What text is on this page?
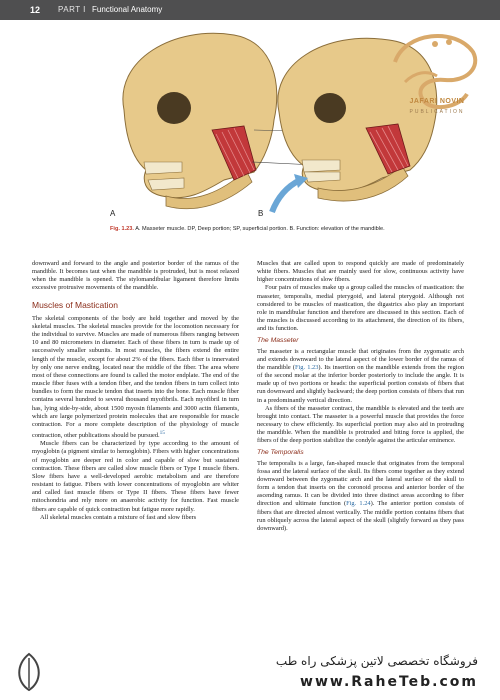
12 PART I Functional Anatomy
A	B
JAFARI NOVIN
PUBLICATION
Fig. 1.23. A. Masseter muscle. DP, Deep portion; SP, superficial portion. B. Function: elevation of the mandible.

downward and forward to the angle and posterior border of the ramus of the mandible. It becomes taut when the mandible is protruded, but is most relaxed when the mandible is opened. The stylomandibular ligament therefore limits excessive protrusive movements of the mandible.

Muscles of Mastication

The skeletal components of the body are held together and moved by the skeletal muscles. The skeletal muscles provide for the locomotion necessary for the individual to survive. Muscles are made of numerous fibers ranging between 10 and 80 micrometers in diameter. Each of these fibers in turn is made up of successively smaller subunits. In most muscles, the fibers extend the entire length of the muscle, except for about 2% of the fibers. Each fiber is innervated by only one nerve ending, located near the middle of the fiber. The area where most of these connections are found is called the motor endplate. The end of the muscle fiber fuses with a tendon fiber, and the tendon fibers in turn collect into bundles to form the muscle tendon that inserts into the bone. Each muscle fiber contains several hundred to several thousand myofibrils. Each myofibril in turn has, lying side-by-side, about 1500 myosin filaments and 3000 actin filaments, which are large polymerized protein molecules that are responsible for muscle contraction. For a more complete description of the physiology of muscle contraction, other publications should be pursued.$^{15}$

Muscle fibers can be characterized by type according to the amount of myoglobin (a pigment similar to hemoglobin). Fibers with higher concentrations of myoglobin are deeper red in color and capable of slow but sustained contraction. These fibers are called slow muscle fibers or Type I muscle fibers. Slow fibers have a well-developed aerobic metabolism and are therefore resistant to fatigue. Fibers with lower concentrations of myoglobin are whiter and called fast muscle fibers or Type II fibers. These fibers have fewer mitochondria and rely more on anaerobic activity for function. Fast muscle fibers are capable of quick contraction but fatigue more rapidly.

All skeletal muscles contain a mixture of fast and slow fibers

Muscles that are called upon to respond quickly are made of predominately white fibers. Muscles that are mainly used for slow, continuous activity have higher concentrations of slow fibers.

Four pairs of muscles make up a group called the muscles of mastication: the masseter, temporalis, medial pterygoid, and lateral pterygoid. Although not considered to be muscles of mastication, the digastrics also play an important role in mandibular function and therefore are discussed in this section. Each of the muscles is discussed according to its attachment, the direction of its fibers, and its function.

The Masseter

The masseter is a rectangular muscle that originates from the zygomatic arch and extends downward to the lateral aspect of the lower border of the ramus of the mandible (Fig. 1.23). Its insertion on the mandible extends from the region of the second molar at the inferior border posteriorly to include the angle. It is made up of two portions or heads: the superficial portion consists of fibers that run downward and slightly backward; the deep portion consists of fibers that run in a predominantly vertical direction.

As fibers of the masseter contract, the mandible is elevated and the teeth are brought into contact. The masseter is a powerful muscle that provides the force necessary to chew efficiently. Its superficial portion may also aid in protruding the mandible. When the mandible is protruded and biting force is applied, the fibers of the deep portion stabilize the condyle against the articular eminence.

The Temporalis

The temporalis is a large, fan-shaped muscle that originates from the temporal fossa and the lateral surface of the skull. Its fibers come together as they extend downward between the zygomatic arch and the lateral surface of the skull to form a tendon that inserts on the coronoid process and anterior border of the ascending ramus. It can be divided into three distinct areas according to fiber direction and ultimate function (Fig. 1.24). The anterior portion consists of fibers that are directed almost vertically. The middle portion contains fibers that run obliquely across the lateral aspect of the skull (slightly forward as they pass downward).

فروشگاه تخصصی لاتین پزشکی راه طب
www.RaheTeb.com
